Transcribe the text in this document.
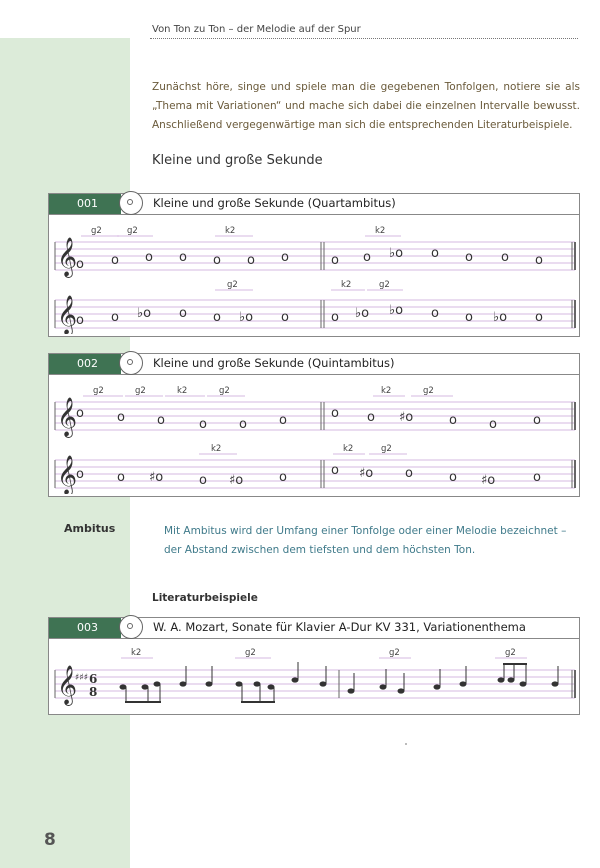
Von Ton zu Ton – der Melodie auf der Spur
Zunächst höre, singe und spiele man die gegebenen Tonfolgen, notiere sie als „Thema mit Variationen“ und mache sich dabei die einzelnen Intervalle bewusst. Anschließend vergegenwärtige man sich die entsprechenden Literaturbeispiele.
Kleine und große Sekunde
001	Kleine und große Sekunde (Quartambitus)
𝄞
𝄞
o o o o o o o	o o ♭o o o o o
o o ♭o o o ♭o o	o ♭o ♭o o o ♭o o
g2	g2	k2	k2
g2	k2	g2
002	Kleine und große Sekunde (Quintambitus)
𝄞
𝄞
o	o o	o o o	o o ♯o	o o	o
o	o ♯o	o ♯o	o	o ♯o o	o ♯o	o
g2	g2	k2	g2	k2	g2
k2	k2	g2
Ambitus	Mit Ambitus wird der Umfang einer Tonfolge oder einer Melodie bezeichnet – der Abstand zwischen dem tiefsten und dem höchsten Ton.
Literaturbeispiele
003	W. A. Mozart, Sonate für Klavier A-Dur KV 331, Variationenthema
𝄞
♯♯♯ 6
8
k2	g2	g2	g2
8
